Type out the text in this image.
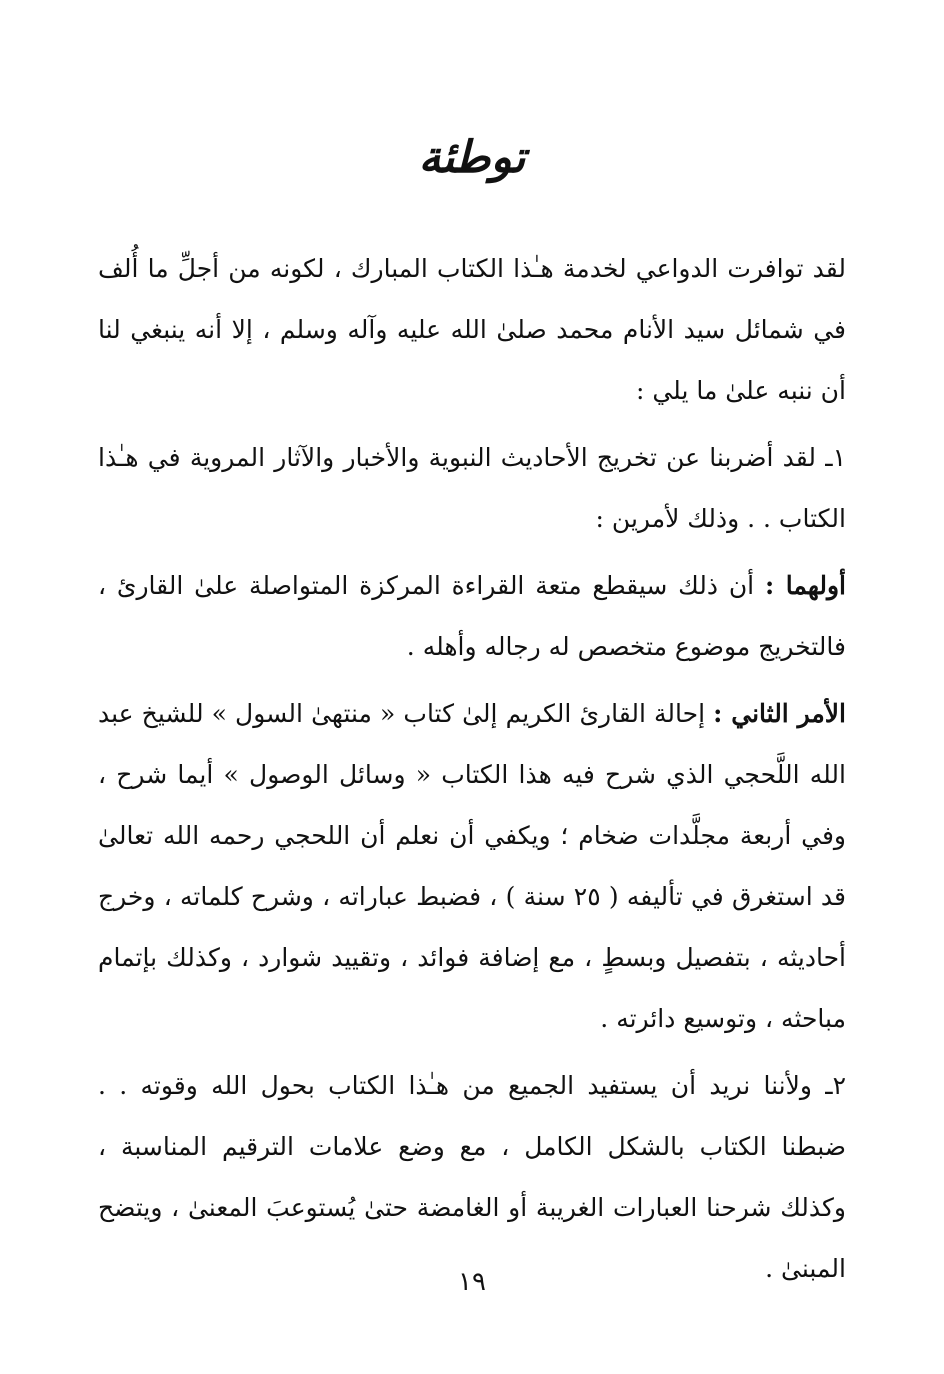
توطئة

لقد توافرت الدواعي لخدمة هـٰذا الكتاب المبارك ، لكونه من أجلِّ ما أُلف في شمائل سيد الأنام محمد صلىٰ الله عليه وآله وسلم ، إلا أنه ينبغي لنا أن ننبه علىٰ ما يلي :

١ـ لقد أضربنا عن تخريج الأحاديث النبوية والأخبار والآثار المروية في هـٰذا الكتاب . . وذلك لأمرين :

أولهما : أن ذلك سيقطع متعة القراءة المركزة المتواصلة علىٰ القارئ ، فالتخريج موضوع متخصص له رجاله وأهله .

الأمر الثاني : إحالة القارئ الكريم إلىٰ كتاب « منتهىٰ السول » للشيخ عبد الله اللَّحجي الذي شرح فيه هذا الكتاب « وسائل الوصول » أيما شرح ، وفي أربعة مجلَّدات ضخام ؛ ويكفي أن نعلم أن اللحجي رحمه الله تعالىٰ قد استغرق في تأليفه ( ٢٥ سنة ) ، فضبط عباراته ، وشرح كلماته ، وخرج أحاديثه ، بتفصيل وبسطٍ ، مع إضافة فوائد ، وتقييد شوارد ، وكذلك بإتمام مباحثه ، وتوسيع دائرته .

٢ـ ولأننا نريد أن يستفيد الجميع من هـٰذا الكتاب بحول الله وقوته . . ضبطنا الكتاب بالشكل الكامل ، مع وضع علامات الترقيم المناسبة ، وكذلك شرحنا العبارات الغريبة أو الغامضة حتىٰ يُستوعبَ المعنىٰ ، ويتضح المبنىٰ .

١٩
